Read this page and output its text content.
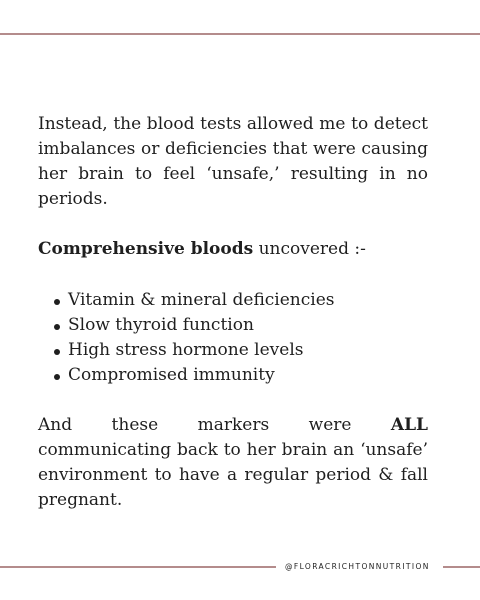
Instead, the blood tests allowed me to detect imbalances or deficiencies that were causing her brain to feel ‘unsafe,’ resulting in no periods.

Comprehensive bloods uncovered :-

Vitamin & mineral deficiencies
Slow thyroid function
High stress hormone levels
Compromised immunity

And these markers were ALL communicating back to her brain an ‘unsafe’ environment to have a regular period & fall pregnant.

@FLORACRICHTONNUTRITION
